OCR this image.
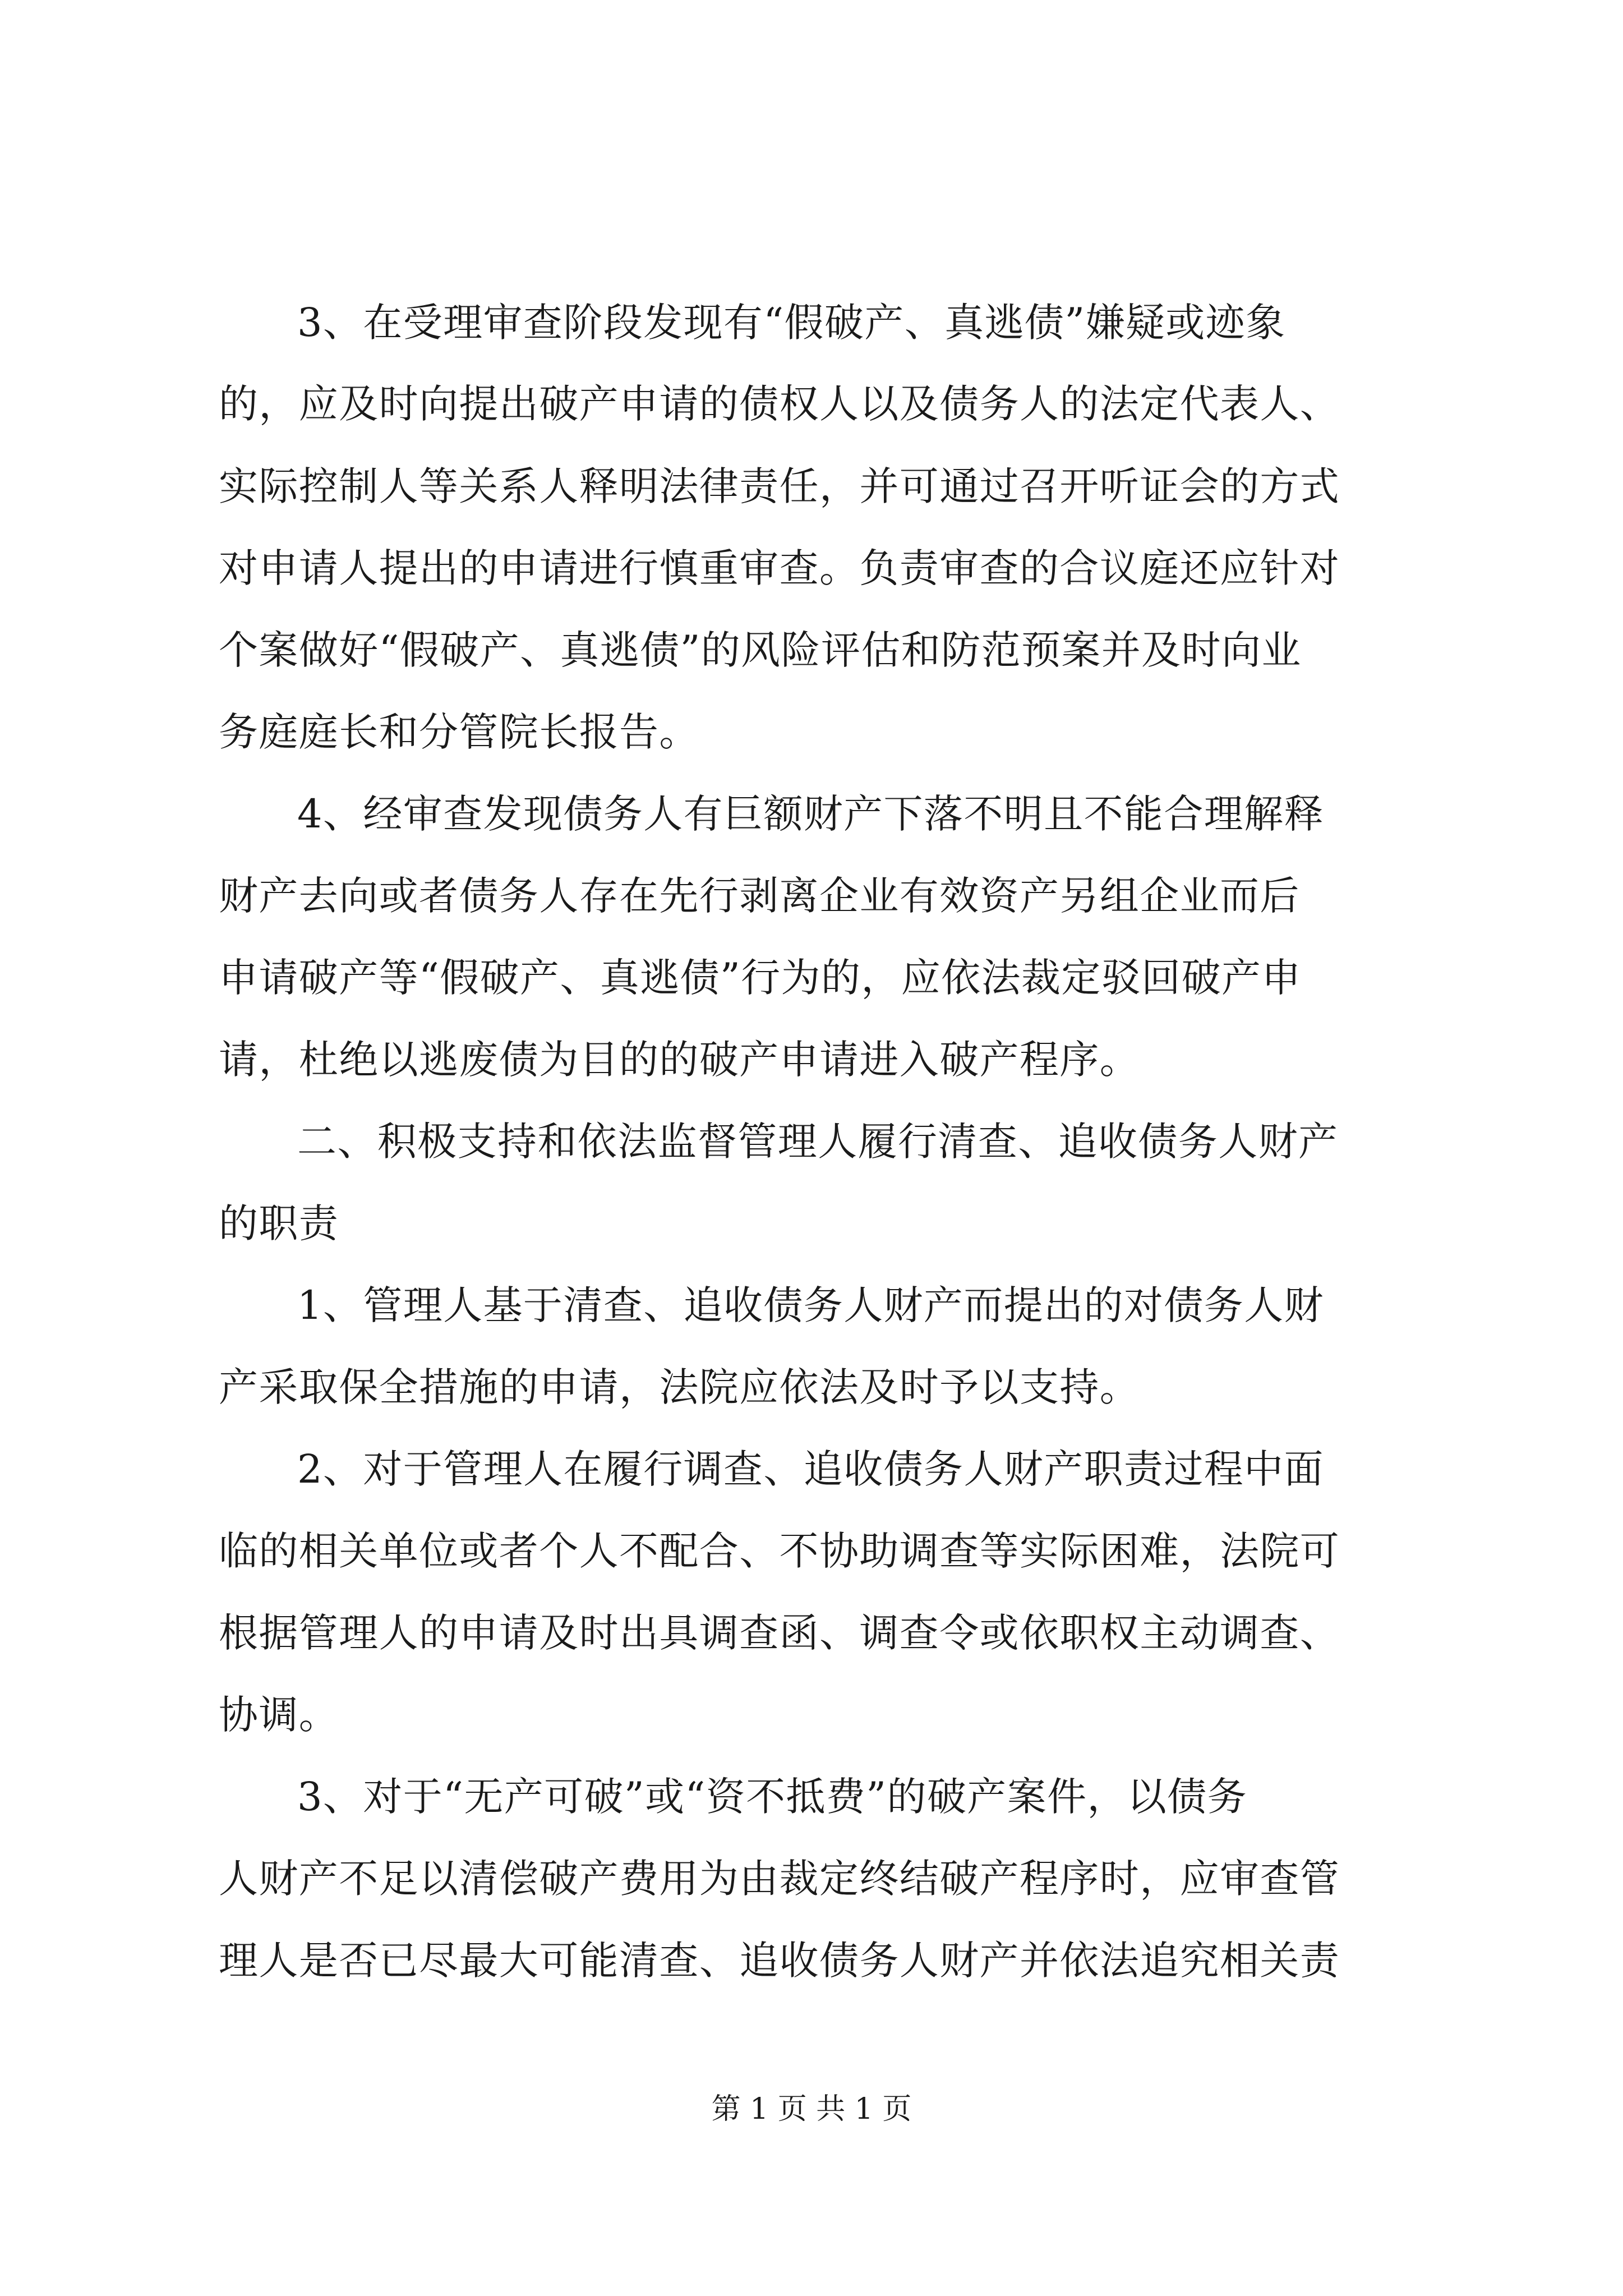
3、在受理审查阶段发现有“假破产、真逃债”嫌疑或迹象
的，应及时向提出破产申请的债权人以及债务人的法定代表人、
实际控制人等关系人释明法律责任，并可通过召开听证会的方式
对申请人提出的申请进行慎重审查。负责审查的合议庭还应针对
个案做好“假破产、真逃债”的风险评估和防范预案并及时向业
务庭庭长和分管院长报告。
4、经审查发现债务人有巨额财产下落不明且不能合理解释
财产去向或者债务人存在先行剥离企业有效资产另组企业而后
申请破产等“假破产、真逃债”行为的，应依法裁定驳回破产申
请，杜绝以逃废债为目的的破产申请进入破产程序。
二、积极支持和依法监督管理人履行清查、追收债务人财产
的职责
1、管理人基于清查、追收债务人财产而提出的对债务人财
产采取保全措施的申请，法院应依法及时予以支持。
2、对于管理人在履行调查、追收债务人财产职责过程中面
临的相关单位或者个人不配合、不协助调查等实际困难，法院可
根据管理人的申请及时出具调查函、调查令或依职权主动调查、
协调。
3、对于“无产可破”或“资不抵费”的破产案件，以债务
人财产不足以清偿破产费用为由裁定终结破产程序时，应审查管
理人是否已尽最大可能清查、追收债务人财产并依法追究相关责
第 1 页 共 1 页
